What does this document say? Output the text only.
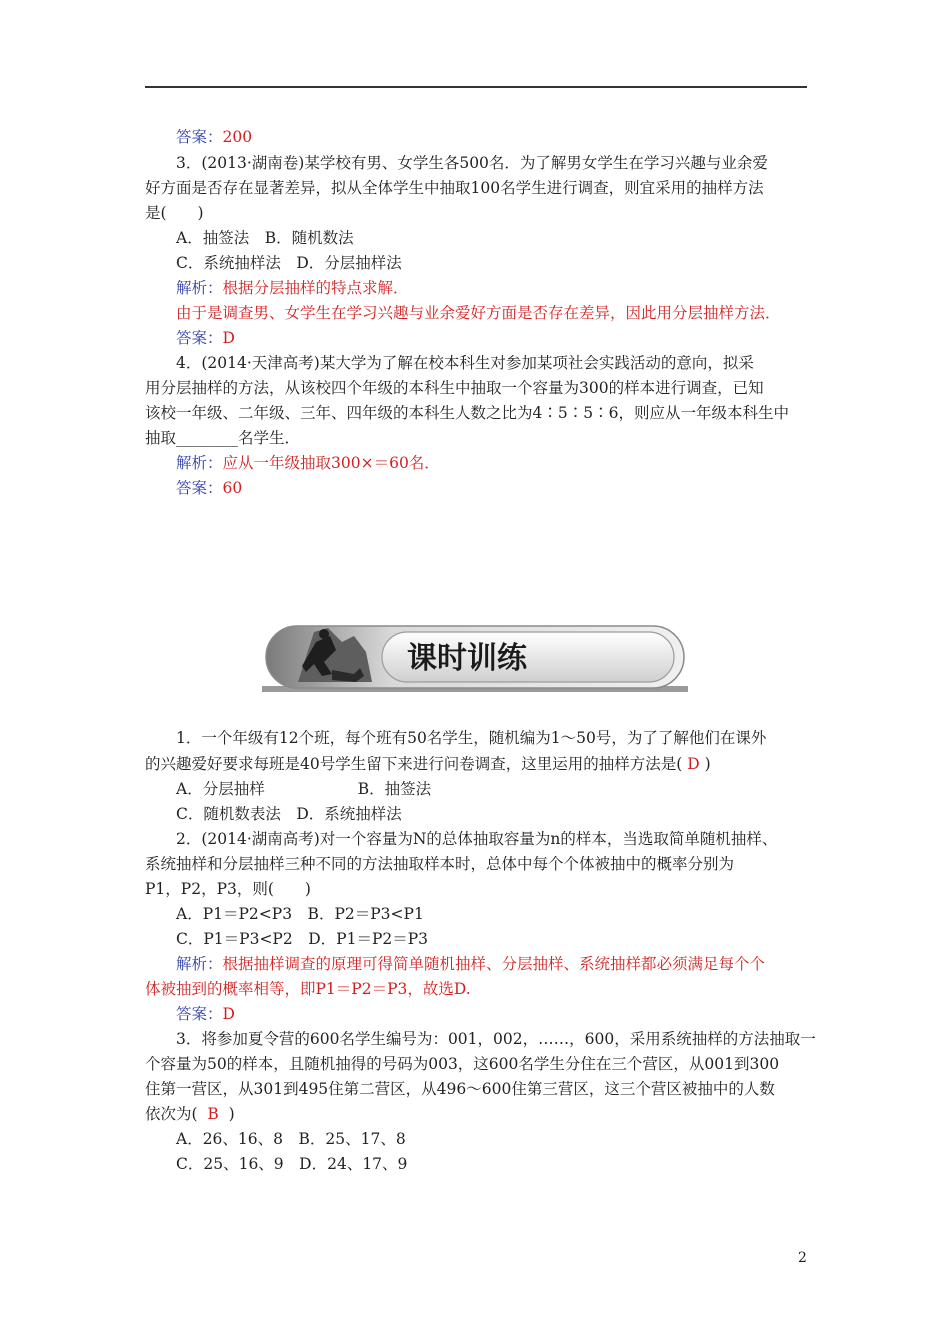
答案：200
3．(2013·湖南卷)某学校有男、女学生各500名．为了解男女学生在学习兴趣与业余爱
好方面是否存在显著差异，拟从全体学生中抽取100名学生进行调查，则宜采用的抽样方法
是(　　)
A．抽签法　B．随机数法
C．系统抽样法　D．分层抽样法
解析：根据分层抽样的特点求解．
由于是调查男、女学生在学习兴趣与业余爱好方面是否存在差异，因此用分层抽样方法．
答案：D
4．(2014·天津高考)某大学为了解在校本科生对参加某项社会实践活动的意向，拟采
用分层抽样的方法，从该校四个年级的本科生中抽取一个容量为300的样本进行调查，已知
该校一年级、二年级、三年、四年级的本科生人数之比为4∶5∶5∶6，则应从一年级本科生中
抽取________名学生．
解析：应从一年级抽取300×＝60名．
答案：60
课时训练
1．一个年级有12个班，每个班有50名学生，随机编为1～50号，为了了解他们在课外
的兴趣爱好要求每班是40号学生留下来进行问卷调查，这里运用的抽样方法是( D )
A．分层抽样　　　　　　B．抽签法
C．随机数表法　D．系统抽样法
2．(2014·湖南高考)对一个容量为N的总体抽取容量为n的样本，当选取简单随机抽样、
系统抽样和分层抽样三种不同的方法抽取样本时，总体中每个个体被抽中的概率分别为
P1，P2，P3，则(　　)
A．P1＝P2<P3　B．P2＝P3<P1
C．P1＝P3<P2　D．P1＝P2＝P3
解析：根据抽样调查的原理可得简单随机抽样、分层抽样、系统抽样都必须满足每个个
体被抽到的概率相等，即P1＝P2＝P3，故选D.
答案：D
3．将参加夏令营的600名学生编号为：001，002，……，600，采用系统抽样的方法抽取一
个容量为50的样本，且随机抽得的号码为003，这600名学生分住在三个营区，从001到300
住第一营区，从301到495住第二营区，从496～600住第三营区，这三个营区被抽中的人数
依次为( B )
A．26、16、8　B．25、17、8
C．25、16、9　D．24、17、9
2
